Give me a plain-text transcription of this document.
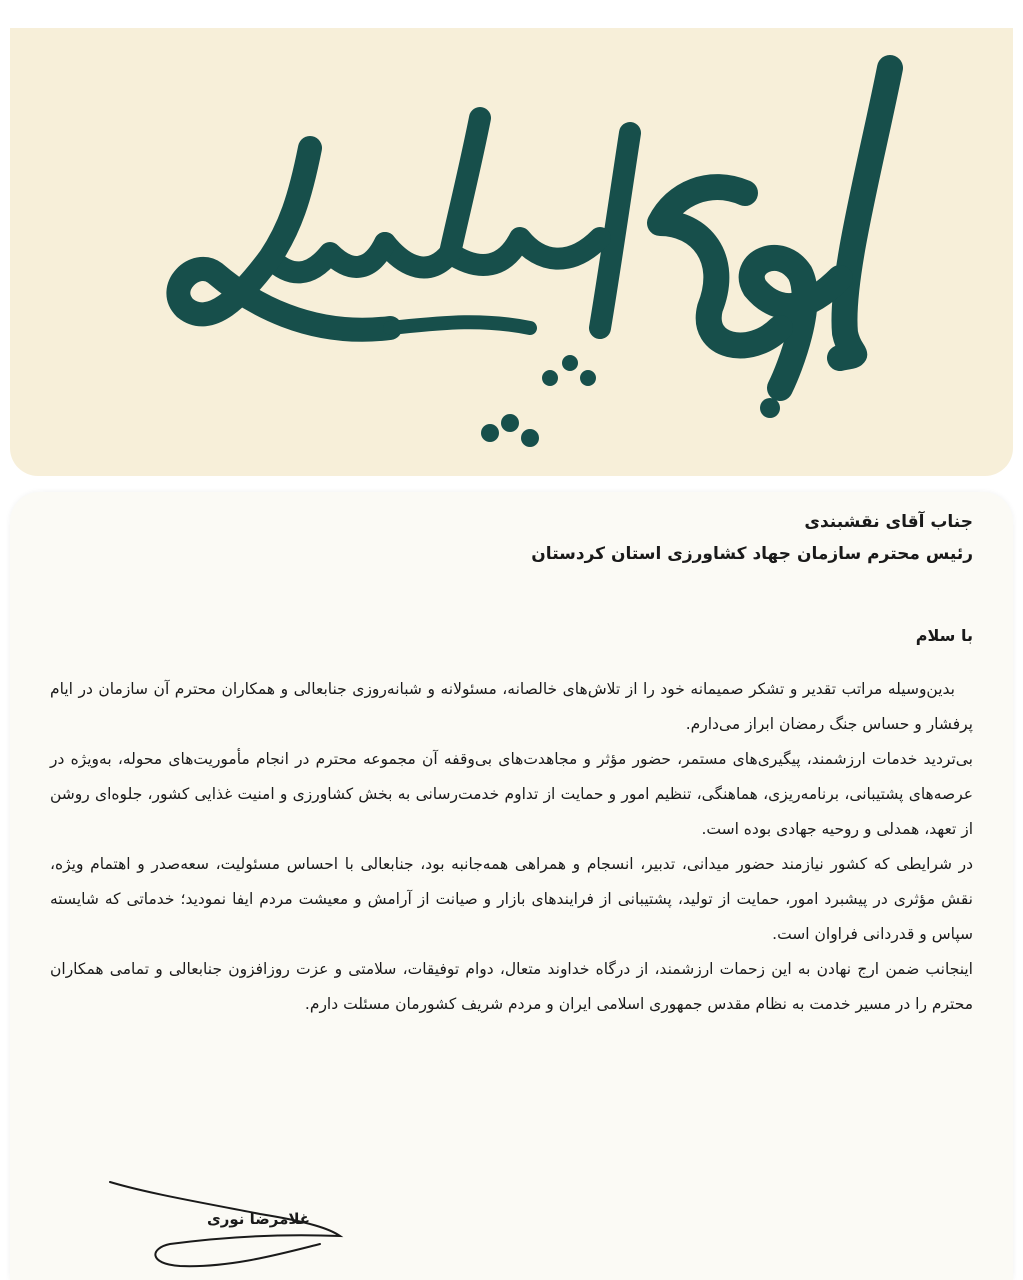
لوح سپاس
جناب آقای نقشبندی
رئیس محترم سازمان جهاد کشاورزی استان کردستان
با سلام

بدین‌وسیله مراتب تقدیر و تشکر صمیمانه خود را از تلاش‌های خالصانه، مسئولانه و شبانه‌روزی جنابعالی و همکاران محترم آن سازمان در ایام پرفشار و حساس جنگ رمضان ابراز می‌دارم.

بی‌تردید خدمات ارزشمند، پیگیری‌های مستمر، حضور مؤثر و مجاهدت‌های بی‌وقفه آن مجموعه محترم در انجام مأموریت‌های محوله، به‌ویژه در عرصه‌های پشتیبانی، برنامه‌ریزی، هماهنگی، تنظیم امور و حمایت از تداوم خدمت‌رسانی به بخش کشاورزی و امنیت غذایی کشور، جلوه‌ای روشن از تعهد، همدلی و روحیه جهادی بوده است.

در شرایطی که کشور نیازمند حضور میدانی، تدبیر، انسجام و همراهی همه‌جانبه بود، جنابعالی با احساس مسئولیت، سعه‌صدر و اهتمام ویژه، نقش مؤثری در پیشبرد امور، حمایت از تولید، پشتیبانی از فرایندهای بازار و صیانت از آرامش و معیشت مردم ایفا نمودید؛ خدماتی که شایسته سپاس و قدردانی فراوان است.

اینجانب ضمن ارج نهادن به این زحمات ارزشمند، از درگاه خداوند متعال، دوام توفیقات، سلامتی و عزت روزافزون جنابعالی و تمامی همکاران محترم را در مسیر خدمت به نظام مقدس جمهوری اسلامی ایران و مردم شریف کشورمان مسئلت دارم.

غلامرضا نوری
